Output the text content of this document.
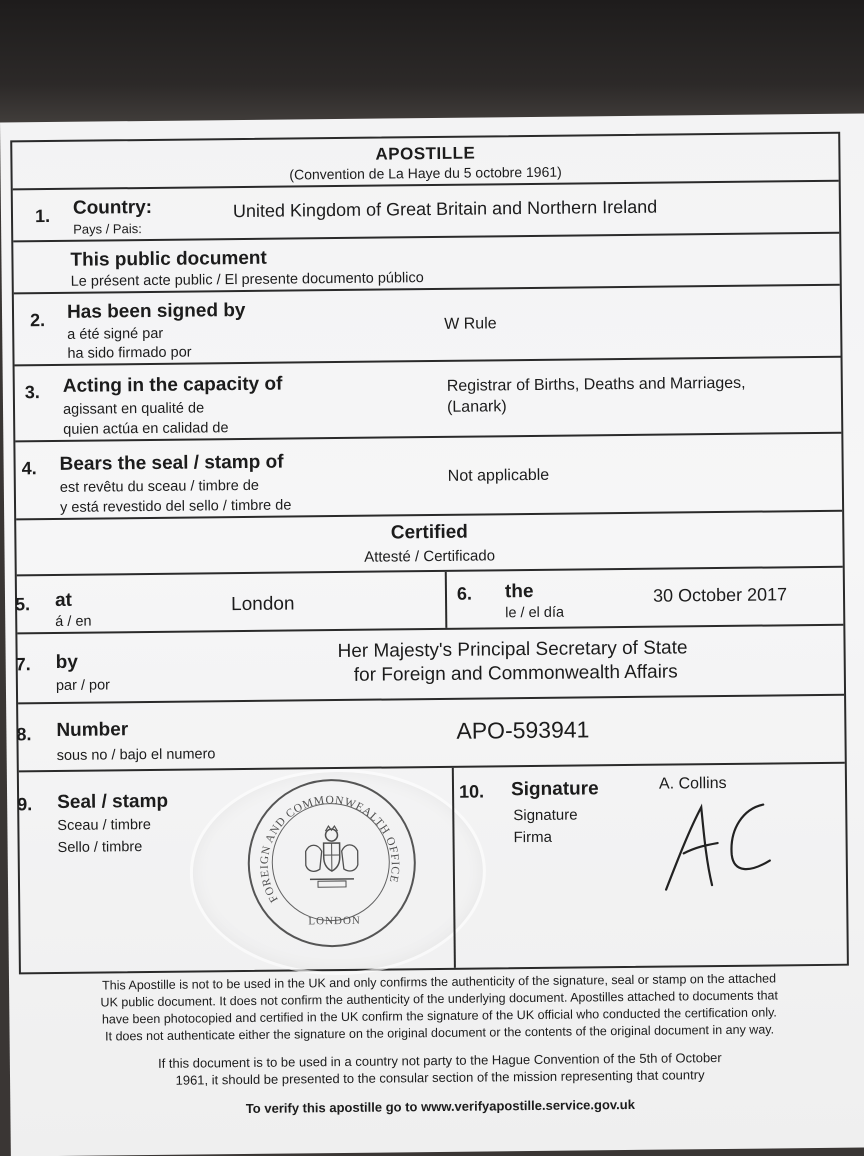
APOSTILLE
(Convention de La Haye du 5 octobre 1961)
1. Country:
Pays / Pais:
United Kingdom of Great Britain and Northern Ireland
This public document
Le présent acte public / El presente documento público
2. Has been signed by
a été signé par
ha sido firmado por
W Rule
3. Acting in the capacity of
agissant en qualité de
quien actúa en calidad de
Registrar of Births, Deaths and Marriages,
(Lanark)
4. Bears the seal / stamp of
est revêtu du sceau / timbre de
y está revestido del sello / timbre de
Not applicable
Certified
Attesté / Certificado
5. at
á / en
London	6. the
le / el día
30 October 2017
7. by
par / por
Her Majesty's Principal Secretary of State
for Foreign and Commonwealth Affairs
8. Number
sous no / bajo el numero
APO-593941
9. Seal / stamp
Sceau / timbre
Sello / timbre
FOREIGN AND COMMONWEALTH OFFICE
LONDON
10. Signature
Signature
Firma
A. Collins
This Apostille is not to be used in the UK and only confirms the authenticity of the signature, seal or stamp on the attached
UK public document. It does not confirm the authenticity of the underlying document. Apostilles attached to documents that
have been photocopied and certified in the UK confirm the signature of the UK official who conducted the certification only.
It does not authenticate either the signature on the original document or the contents of the original document in any way.
If this document is to be used in a country not party to the Hague Convention of the 5th of October
1961, it should be presented to the consular section of the mission representing that country
To verify this apostille go to www.verifyapostille.service.gov.uk
